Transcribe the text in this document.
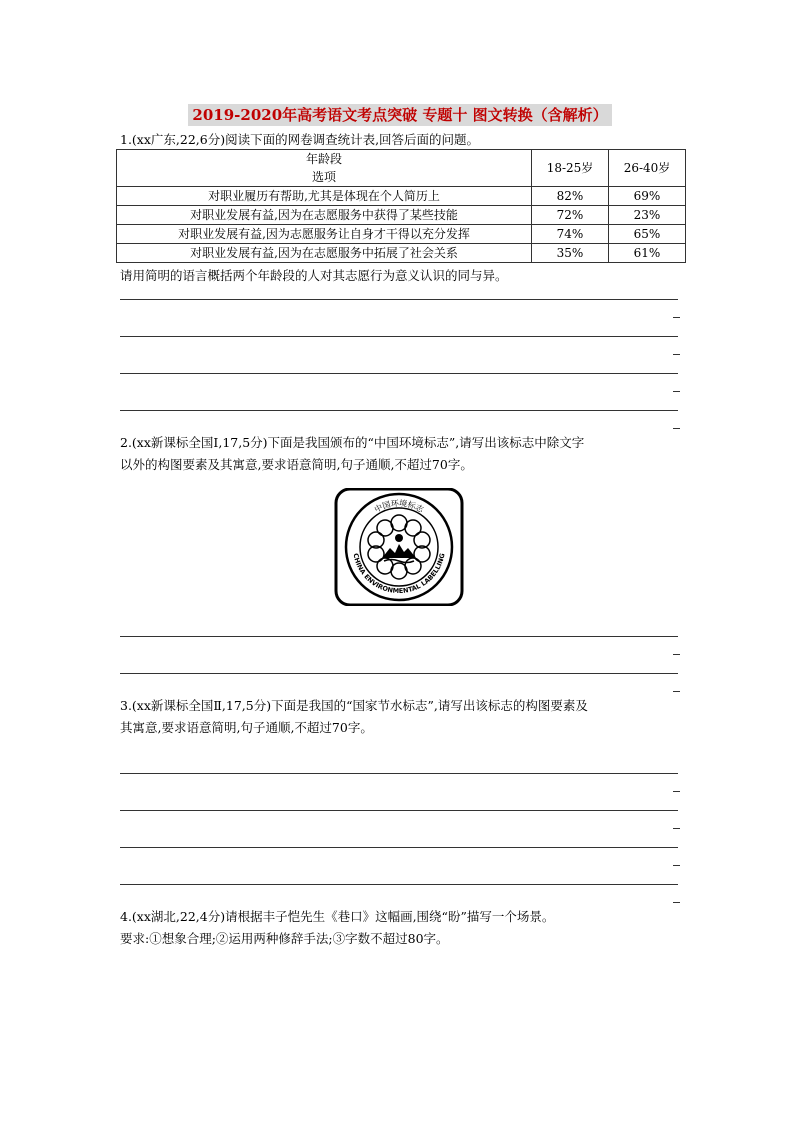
2019-2020年高考语文考点突破 专题十 图文转换（含解析）
1.(xx广东,22,6分)阅读下面的网卷调查统计表,回答后面的问题。
年龄段
选项	18-25岁	26-40岁
对职业履历有帮助,尤其是体现在个人简历上	82%	69%
对职业发展有益,因为在志愿服务中获得了某些技能	72%	23%
对职业发展有益,因为志愿服务让自身才干得以充分发挥	74%	65%
对职业发展有益,因为在志愿服务中拓展了社会关系	35%	61%
请用简明的语言概括两个年龄段的人对其志愿行为意义认识的同与异。
2.(xx新课标全国Ⅰ,17,5分)下面是我国颁布的“中国环境标志”,请写出该标志中除文字
以外的构图要素及其寓意,要求语意简明,句子通顺,不超过70字。
中国环境标志
CHINA ENVIRONMENTAL LABELLING
3.(xx新课标全国Ⅱ,17,5分)下面是我国的“国家节水标志”,请写出该标志的构图要素及
其寓意,要求语意简明,句子通顺,不超过70字。
4.(xx湖北,22,4分)请根据丰子恺先生《巷口》这幅画,围绕“盼”描写一个场景。
要求:①想象合理;②运用两种修辞手法;③字数不超过80字。
